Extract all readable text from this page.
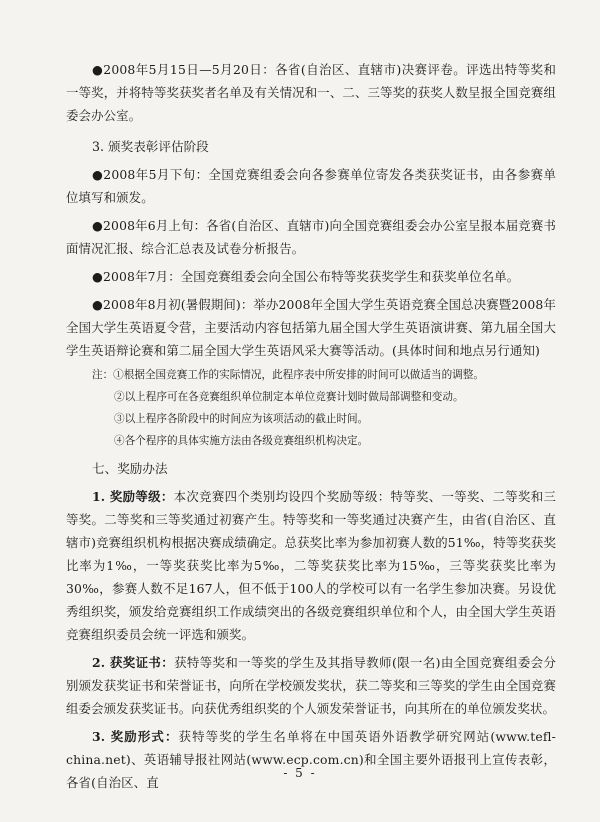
●2008年5月15日—5月20日：各省(自治区、直辖市)决赛评卷。评选出特等奖和一等奖，并将特等奖获奖者名单及有关情况和一、二、三等奖的获奖人数呈报全国竞赛组委会办公室。

3. 颁奖表彰评估阶段

●2008年5月下旬：全国竞赛组委会向各参赛单位寄发各类获奖证书，由各参赛单位填写和颁发。

●2008年6月上旬：各省(自治区、直辖市)向全国竞赛组委会办公室呈报本届竞赛书面情况汇报、综合汇总表及试卷分析报告。

●2008年7月：全国竞赛组委会向全国公布特等奖获奖学生和获奖单位名单。

●2008年8月初(暑假期间)：举办2008年全国大学生英语竞赛全国总决赛暨2008年全国大学生英语夏令营，主要活动内容包括第九届全国大学生英语演讲赛、第九届全国大学生英语辩论赛和第二届全国大学生英语风采大赛等活动。(具体时间和地点另行通知)

注：①根据全国竞赛工作的实际情况，此程序表中所安排的时间可以做适当的调整。
②以上程序可在各竞赛组织单位制定本单位竞赛计划时做局部调整和变动。
③以上程序各阶段中的时间应为该项活动的截止时间。
④各个程序的具体实施方法由各级竞赛组织机构决定。

七、奖励办法

1. 奖励等级：本次竞赛四个类别均设四个奖励等级：特等奖、一等奖、二等奖和三等奖。二等奖和三等奖通过初赛产生。特等奖和一等奖通过决赛产生，由省(自治区、直辖市)竞赛组织机构根据决赛成绩确定。总获奖比率为参加初赛人数的51‰，特等奖获奖比率为1‰，一等奖获奖比率为5‰，二等奖获奖比率为15‰，三等奖获奖比率为30‰，参赛人数不足167人，但不低于100人的学校可以有一名学生参加决赛。另设优秀组织奖，颁发给竞赛组织工作成绩突出的各级竞赛组织单位和个人，由全国大学生英语竞赛组织委员会统一评选和颁奖。

2. 获奖证书：获特等奖和一等奖的学生及其指导教师(限一名)由全国竞赛组委会分别颁发获奖证书和荣誉证书，向所在学校颁发奖状，获二等奖和三等奖的学生由全国竞赛组委会颁发获奖证书。向获优秀组织奖的个人颁发荣誉证书，向其所在的单位颁发奖状。

3. 奖励形式：获特等奖的学生名单将在中国英语外语教学研究网站(www.tefl-china.net)、英语辅导报社网站(www.ecp.com.cn)和全国主要外语报刊上宣传表彰，各省(自治区、直

- 5 -
